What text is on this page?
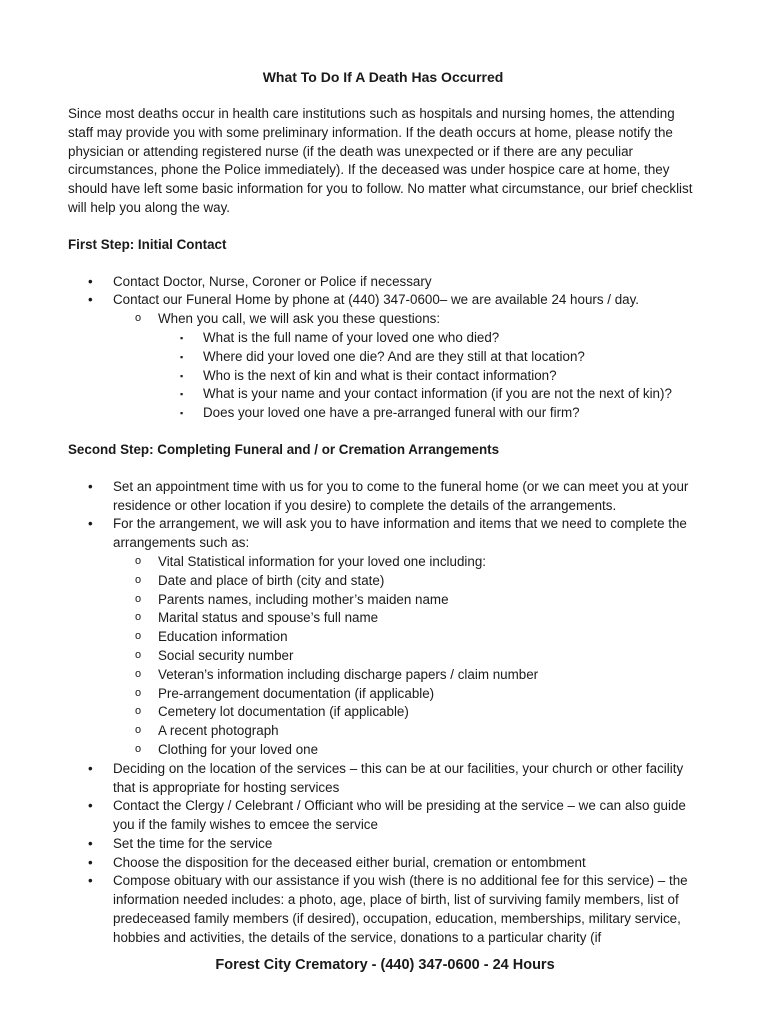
What To Do If A Death Has Occurred

Since most deaths occur in health care institutions such as hospitals and nursing homes, the attending staff may provide you with some preliminary information. If the death occurs at home, please notify the physician or attending registered nurse (if the death was unexpected or if there are any peculiar circumstances, phone the Police immediately). If the deceased was under hospice care at home, they should have left some basic information for you to follow. No matter what circumstance, our brief checklist will help you along the way.

First Step: Initial Contact
• Contact Doctor, Nurse, Coroner or Police if necessary
• Contact our Funeral Home by phone at (440) 347-0600– we are available 24 hours / day.
o When you call, we will ask you these questions:
▪ What is the full name of your loved one who died?
▪ Where did your loved one die? And are they still at that location?
▪ Who is the next of kin and what is their contact information?
▪ What is your name and your contact information (if you are not the next of kin)?
▪ Does your loved one have a pre-arranged funeral with our firm?
Second Step: Completing Funeral and / or Cremation Arrangements
• Set an appointment time with us for you to come to the funeral home (or we can meet you at your residence or other location if you desire) to complete the details of the arrangements.
• For the arrangement, we will ask you to have information and items that we need to complete the arrangements such as:
o Vital Statistical information for your loved one including:
o Date and place of birth (city and state)
o Parents names, including mother’s maiden name
o Marital status and spouse’s full name
o Education information
o Social security number
o Veteran’s information including discharge papers / claim number
o Pre-arrangement documentation (if applicable)
o Cemetery lot documentation (if applicable)
o A recent photograph
o Clothing for your loved one
• Deciding on the location of the services – this can be at our facilities, your church or other facility that is appropriate for hosting services
• Contact the Clergy / Celebrant / Officiant who will be presiding at the service – we can also guide you if the family wishes to emcee the service
• Set the time for the service
• Choose the disposition for the deceased either burial, cremation or entombment
• Compose obituary with our assistance if you wish (there is no additional fee for this service) – the information needed includes: a photo, age, place of birth, list of surviving family members, list of predeceased family members (if desired), occupation, education, memberships, military service, hobbies and activities, the details of the service, donations to a particular charity (if
Forest City Crematory - (440) 347-0600 - 24 Hours
